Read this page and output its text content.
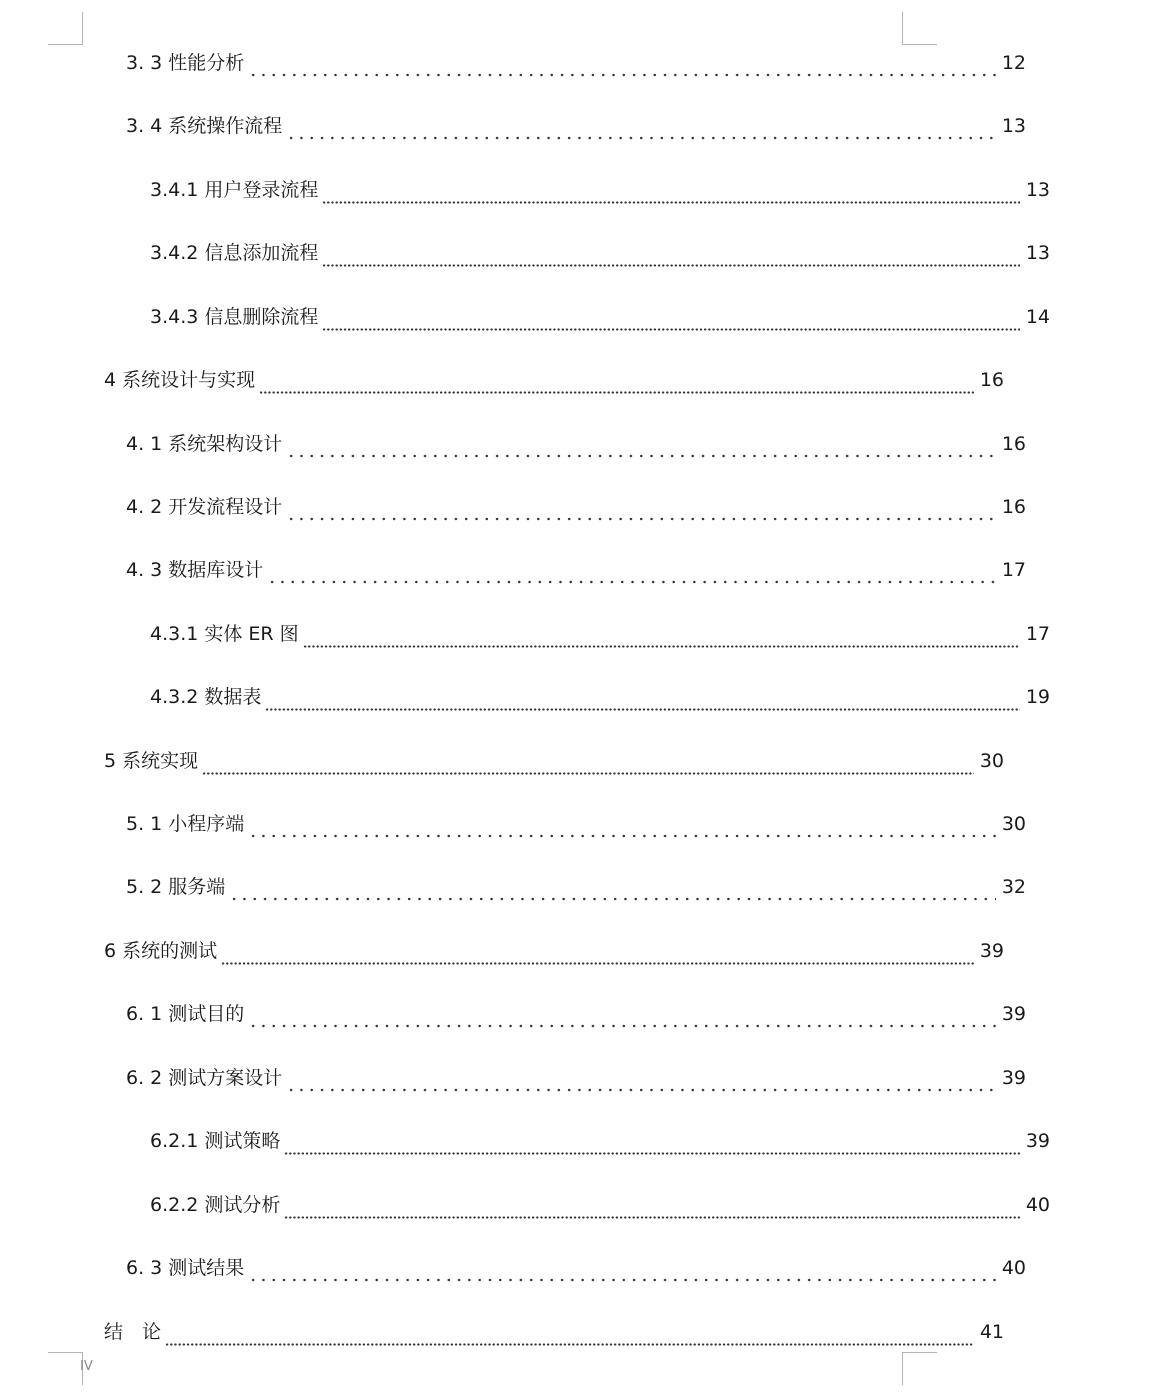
3. 3 性能分析	12
3. 4 系统操作流程	13
3.4.1 用户登录流程	13
3.4.2 信息添加流程	13
3.4.3 信息删除流程	14
4 系统设计与实现	16
4. 1 系统架构设计	16
4. 2 开发流程设计	16
4. 3 数据库设计	17
4.3.1 实体 ER 图	17
4.3.2 数据表	19
5 系统实现	30
5. 1 小程序端	30
5. 2 服务端	32
6 系统的测试	39
6. 1 测试目的	39
6. 2 测试方案设计	39
6.2.1 测试策略	39
6.2.2 测试分析	40
6. 3 测试结果	40
结　论	41
IV
